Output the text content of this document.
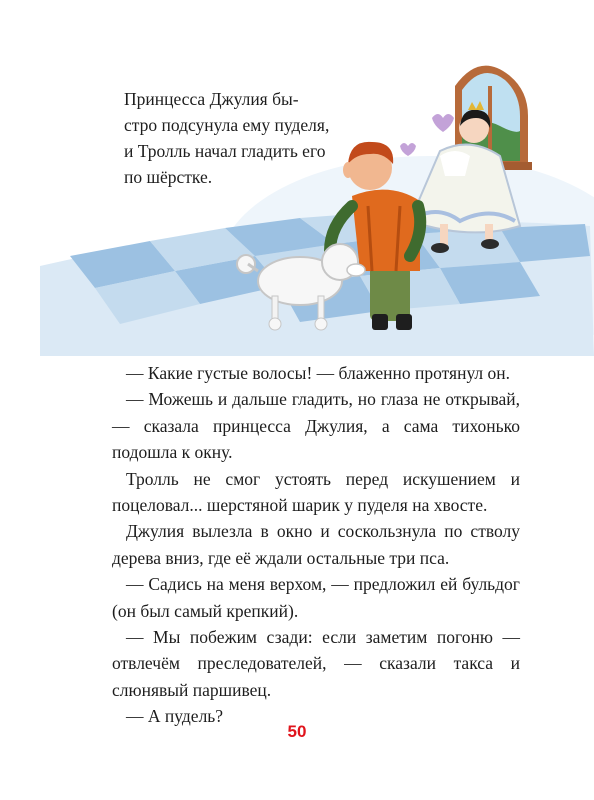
Принцесса Джулия бы-

стро подсунула ему пуделя,

и Тролль начал гладить его

по шёрстке.

— Какие густые волосы! — блаженно протянул он.

— Можешь и дальше гладить, но глаза не открывай, — сказала принцесса Джулия, а сама тихонько подошла к окну.

Тролль не смог устоять перед искушением и поцеловал... шерстяной шарик у пуделя на хвосте.

Джулия вылезла в окно и соскользнула по стволу дерева вниз, где её ждали остальные три пса.

— Садись на меня верхом, — предложил ей бульдог (он был самый крепкий).

— Мы побежим сзади: если заметим погоню — отвлечём преследователей, — сказали такса и слюнявый паршивец.

— А пудель?

50
